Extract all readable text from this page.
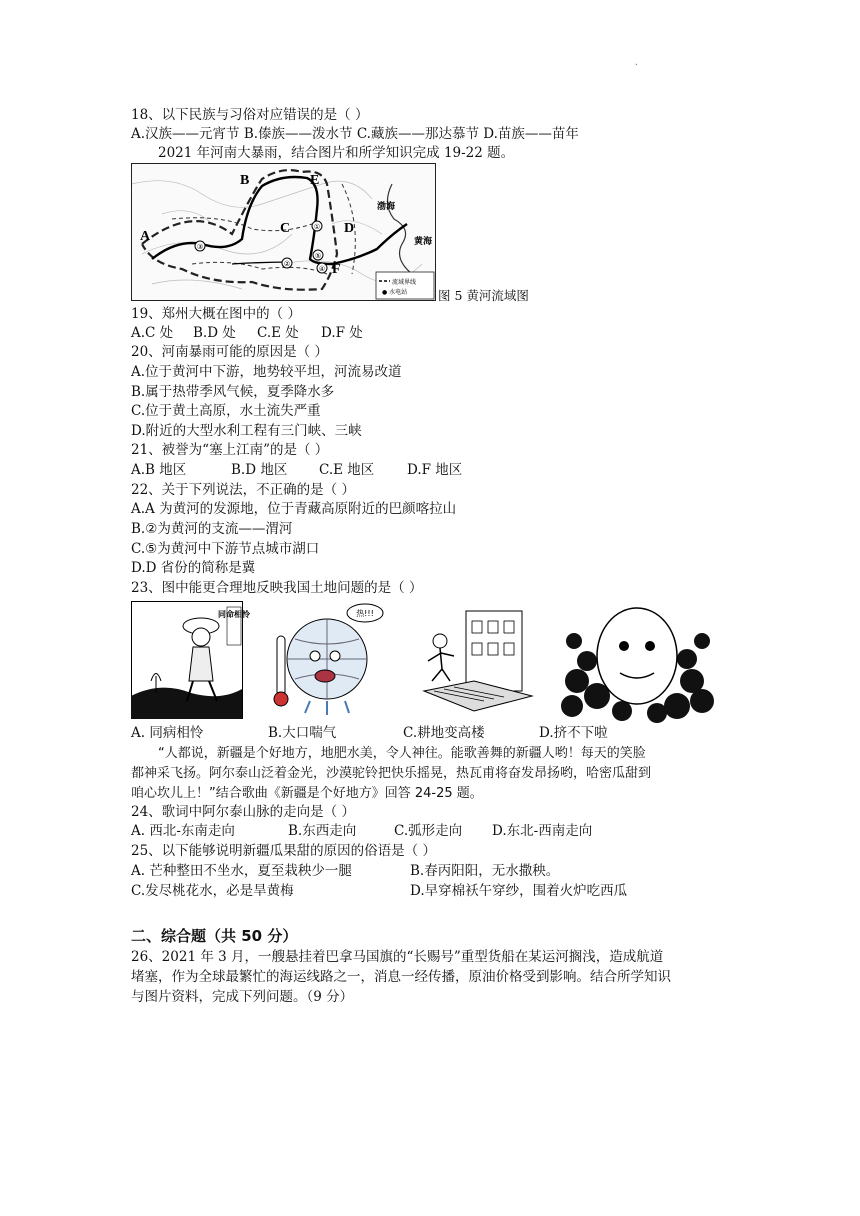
·
18、以下民族与习俗对应错误的是（ ）
A.汉族——元宵节 B.傣族——泼水节 C.藏族——那达慕节 D.苗族——苗年
2021 年河南大暴雨，结合图片和所学知识完成 19-22 题。
③
②
①
④
⑤
A
B
C	D
E
F
渤海
黄海
流域界线
● 水电站 图 5 黄河流域图
19、郑州大概在图中的（ ）
A.C 处 B.D 处 C.E 处 D.F 处
20、河南暴雨可能的原因是（ ）
A.位于黄河中下游，地势较平坦，河流易改道
B.属于热带季风气候，夏季降水多
C.位于黄土高原，水土流失严重
D.附近的大型水利工程有三门峡、三峡
21、被誉为“塞上江南”的是（ ）
A.B 地区	B.D 地区 C.E 地区 D.F 地区
22、关于下列说法，不正确的是（ ）
A.A 为黄河的发源地，位于青藏高原附近的巴颜喀拉山
B.②为黄河的支流——渭河
C.⑤为黄河中下游节点城市湖口
D.D 省份的简称是冀
23、图中能更合理地反映我国土地问题的是（ ）
同命相怜	热!!!
A. 同病相怜	B.大口喘气	C.耕地变高楼	D.挤不下啦
“人都说，新疆是个好地方，地肥水美，令人神往。能歌善舞的新疆人哟！每天的笑脸
都神采飞扬。阿尔泰山泛着金光，沙漠驼铃把快乐摇晃，热瓦甫将奋发昂扬哟，哈密瓜甜到
咱心坎儿上！”结合歌曲《新疆是个好地方》回答 24-25 题。
24、歌词中阿尔泰山脉的走向是（ ）
A. 西北-东南走向	B.东西走向	C.弧形走向 D.东北-西南走向
25、以下能够说明新疆瓜果甜的原因的俗语是（ ）
A. 芒种整田不坐水，夏至栽秧少一腿	B.春丙阳阳，无水撒秧。
C.发尽桃花水，必是旱黄梅	D.早穿棉袄午穿纱，围着火炉吃西瓜
二、综合题（共 50 分）
26、2021 年 3 月，一艘悬挂着巴拿马国旗的“长赐号”重型货船在某运河搁浅，造成航道
堵塞，作为全球最繁忙的海运线路之一，消息一经传播，原油价格受到影响。结合所学知识
与图片资料，完成下列问题。（9 分）
